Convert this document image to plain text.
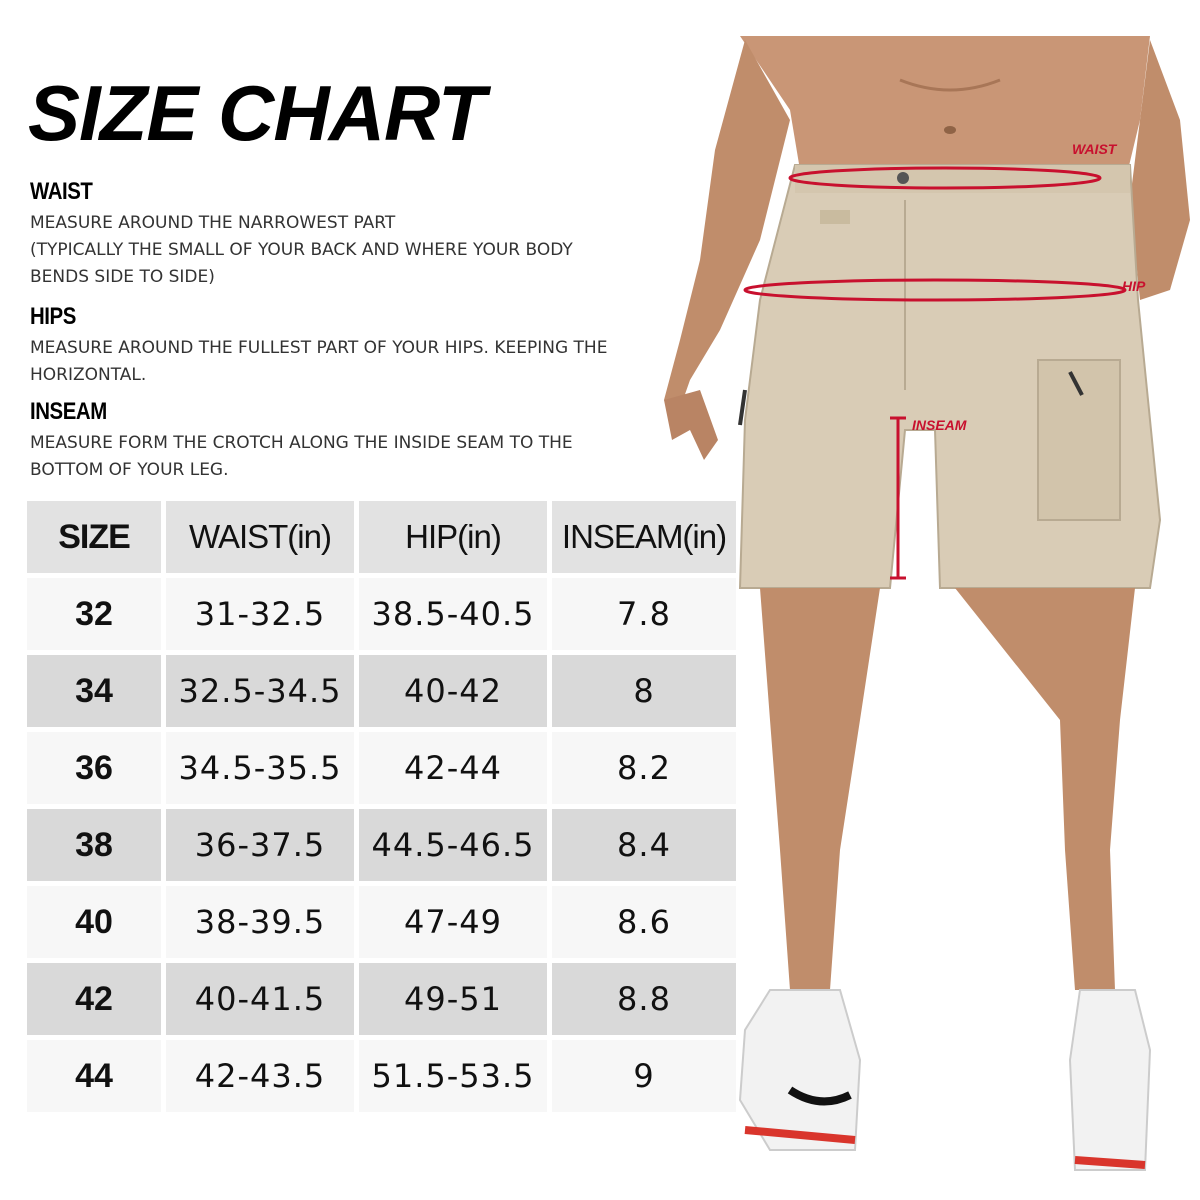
SIZE CHART
WAIST

MEASURE AROUND THE NARROWEST PART
(TYPICALLY THE SMALL OF YOUR BACK AND WHERE YOUR BODY
BENDS SIDE TO SIDE)

HIPS

MEASURE AROUND THE FULLEST PART OF YOUR HIPS. KEEPING THE
HORIZONTAL.

INSEAM

MEASURE FORM THE CROTCH ALONG THE INSIDE SEAM TO THE
BOTTOM OF YOUR LEG.

SIZE	WAIST(in)	HIP(in)	INSEAM(in)
32	31-32.5	38.5-40.5	7.8
34	32.5-34.5	40-42	8
36	34.5-35.5	42-44	8.2
38	36-37.5	44.5-46.5	8.4
40	38-39.5	47-49	8.6
42	40-41.5	49-51	8.8
44	42-43.5	51.5-53.5	9
WAIST
HIP
INSEAM
